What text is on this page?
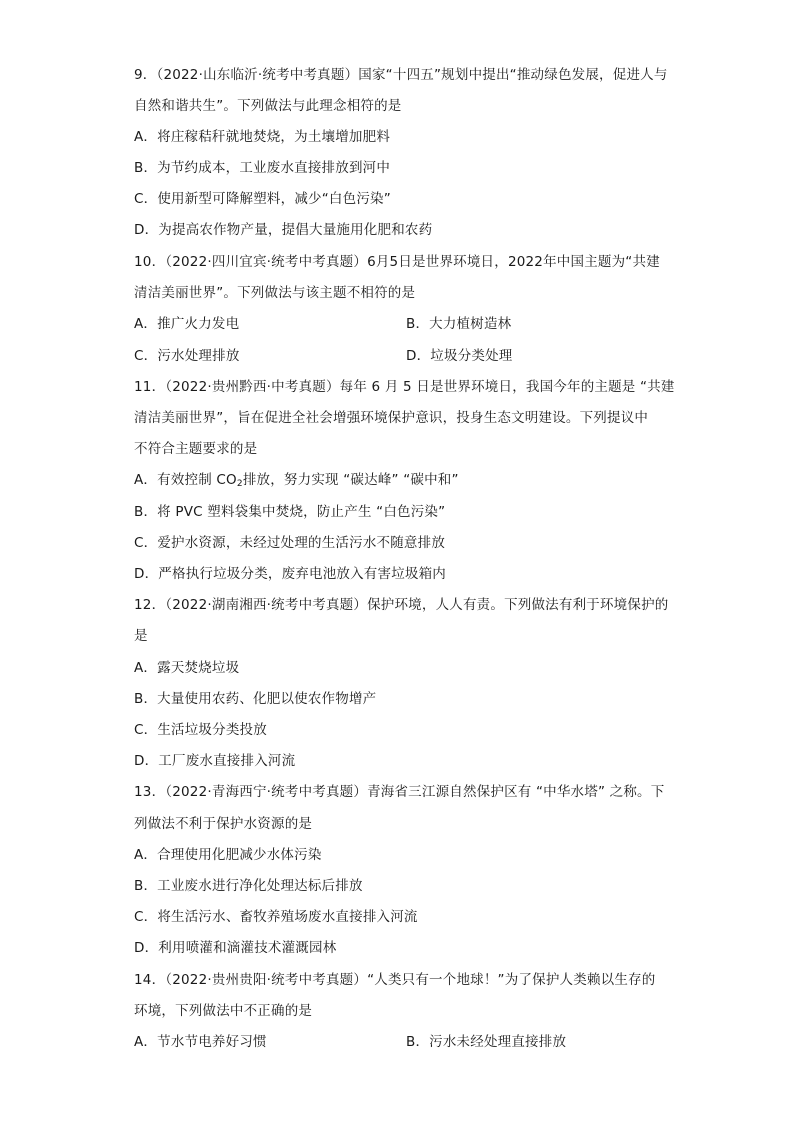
9．（2022·山东临沂·统考中考真题）国家“十四五”规划中提出“推动绿色发展，促进人与
自然和谐共生”。下列做法与此理念相符的是
A．将庄稼秸秆就地焚烧，为土壤增加肥料
B．为节约成本，工业废水直接排放到河中
C．使用新型可降解塑料，减少“白色污染”
D．为提高农作物产量，提倡大量施用化肥和农药
10．（2022·四川宜宾·统考中考真题）6月5日是世界环境日，2022年中国主题为“共建
清洁美丽世界”。下列做法与该主题不相符的是
A．推广火力发电	B．大力植树造林
C．污水处理排放	D．垃圾分类处理
11．（2022·贵州黔西·中考真题）每年 6 月 5 日是世界环境日，我国今年的主题是 “共建
清洁美丽世界”，旨在促进全社会增强环境保护意识，投身生态文明建设。下列提议中
不符合主题要求的是
A．有效控制 $CO_2$排放，努力实现 “碳达峰” “碳中和”
B．将 PVC 塑料袋集中焚烧，防止产生 “白色污染”
C．爱护水资源，未经过处理的生活污水不随意排放
D．严格执行垃圾分类，废弃电池放入有害垃圾箱内
12．（2022·湖南湘西·统考中考真题）保护环境，人人有责。下列做法有利于环境保护的
是
A．露天焚烧垃圾
B．大量使用农药、化肥以使农作物增产
C．生活垃圾分类投放
D．工厂废水直接排入河流
13．（2022·青海西宁·统考中考真题）青海省三江源自然保护区有 “中华水塔” 之称。下
列做法不利于保护水资源的是
A．合理使用化肥减少水体污染
B．工业废水进行净化处理达标后排放
C．将生活污水、畜牧养殖场废水直接排入河流
D．利用喷灌和滴灌技术灌溉园林
14．（2022·贵州贵阳·统考中考真题）“人类只有一个地球！”为了保护人类赖以生存的
环境，下列做法中不正确的是
A．节水节电养好习惯	B．污水未经处理直接排放
